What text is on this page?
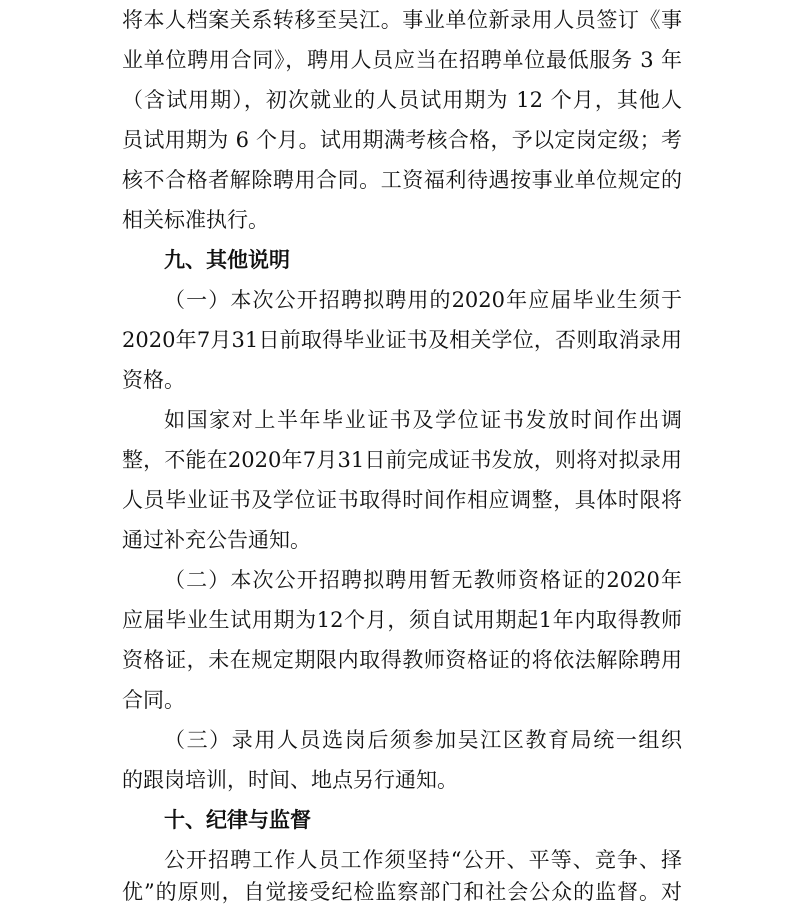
将本人档案关系转移至吴江。事业单位新录用人员签订《事
业单位聘用合同》，聘用人员应当在招聘单位最低服务 3 年
（含试用期），初次就业的人员试用期为 12 个月，其他人
员试用期为 6 个月。试用期满考核合格，予以定岗定级；考
核不合格者解除聘用合同。工资福利待遇按事业单位规定的
相关标准执行。
九、其他说明
（一）本次公开招聘拟聘用的2020年应届毕业生须于
2020年7月31日前取得毕业证书及相关学位，否则取消录用
资格。
如国家对上半年毕业证书及学位证书发放时间作出调
整，不能在2020年7月31日前完成证书发放，则将对拟录用
人员毕业证书及学位证书取得时间作相应调整，具体时限将
通过补充公告通知。
（二）本次公开招聘拟聘用暂无教师资格证的2020年
应届毕业生试用期为12个月，须自试用期起1年内取得教师
资格证，未在规定期限内取得教师资格证的将依法解除聘用
合同。
（三）录用人员选岗后须参加吴江区教育局统一组织
的跟岗培训，时间、地点另行通知。
十、纪律与监督
公开招聘工作人员工作须坚持“公开、平等、竞争、择
优”的原则，自觉接受纪检监察部门和社会公众的监督。对
